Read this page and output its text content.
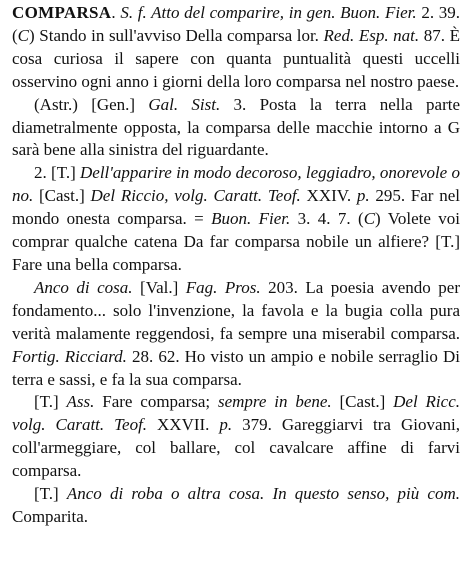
COMPARSA. S. f. Atto del comparire, in gen. Buon. Fier. 2. 39. (C) Stando in sull'avviso Della comparsa lor. Red. Esp. nat. 87. È cosa curiosa il sapere con quanta puntualità questi uccelli osservino ogni anno i giorni della loro comparsa nel nostro paese.

(Astr.) [Gen.] Gal. Sist. 3. Posta la terra nella parte diametralmente opposta, la comparsa delle macchie intorno a G sarà bene alla sinistra del riguardante.

2. [T.] Dell'apparire in modo decoroso, leggiadro, onorevole o no. [Cast.] Del Riccio, volg. Caratt. Teof. XXIV. p. 295. Far nel mondo onesta comparsa. = Buon. Fier. 3. 4. 7. (C) Volete voi comprar qualche catena Da far comparsa nobile un alfiere? [T.] Fare una bella comparsa.

Anco di cosa. [Val.] Fag. Pros. 203. La poesia avendo per fondamento... solo l'invenzione, la favola e la bugia colla pura verità malamente reggendosi, fa sempre una miserabil comparsa. Fortig. Ricciard. 28. 62. Ho visto un ampio e nobile serraglio Di terra e sassi, e fa la sua comparsa.

[T.] Ass. Fare comparsa; sempre in bene. [Cast.] Del Ricc. volg. Caratt. Teof. XXVII. p. 379. Gareggiarvi tra Giovani, coll'armeggiare, col ballare, col cavalcare affine di farvi comparsa.

[T.] Anco di roba o altra cosa. In questo senso, più com. Comparita.
